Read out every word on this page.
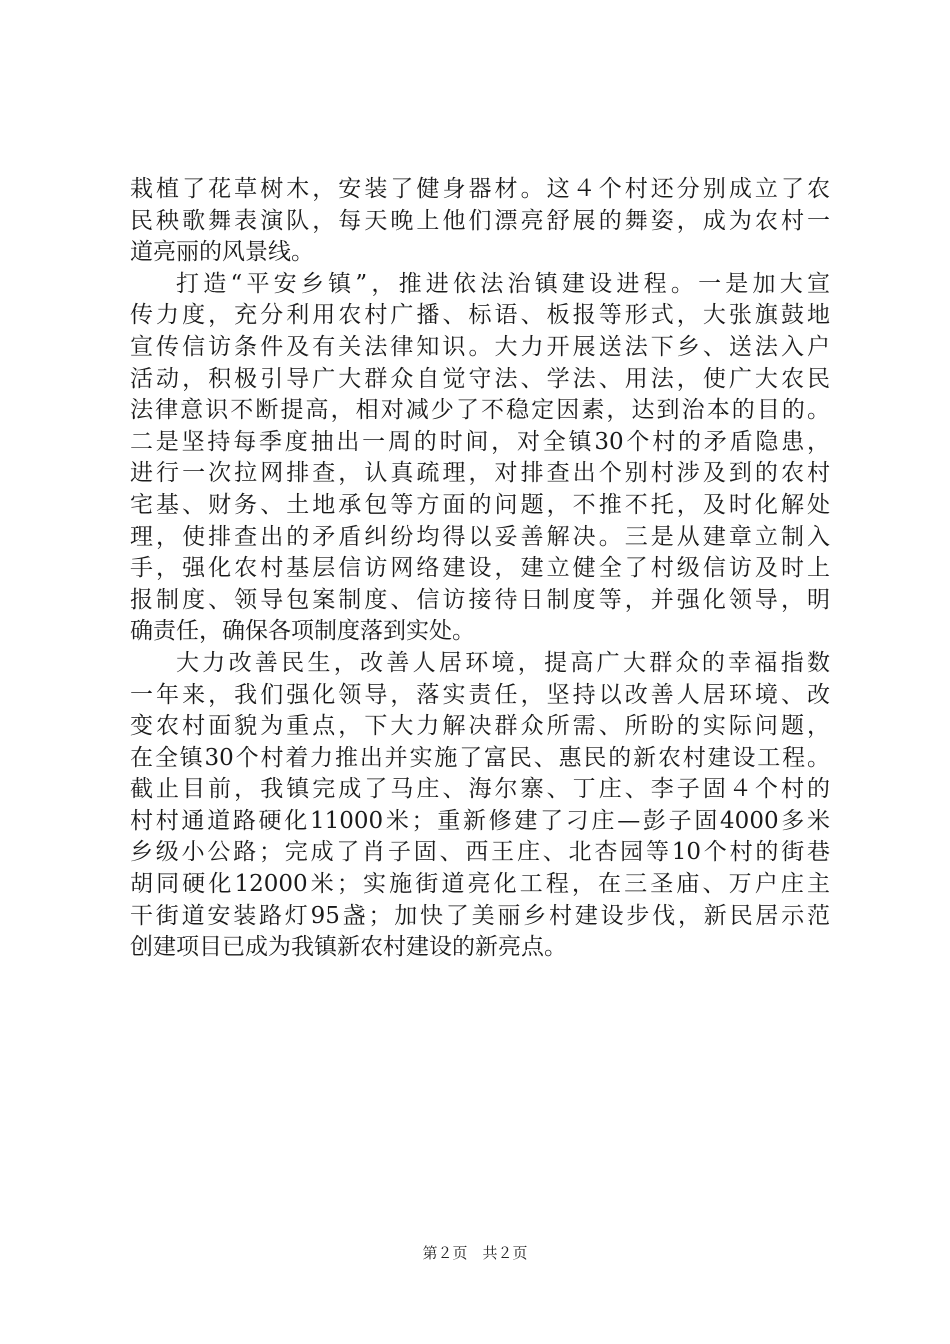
栽植了花草树木，安装了健身器材。这４个村还分别成立了农
民秧歌舞表演队，每天晚上他们漂亮舒展的舞姿，成为农村一
道亮丽的风景线。
打造“平安乡镇”，推进依法治镇建设进程。一是加大宣
传力度，充分利用农村广播、标语、板报等形式，大张旗鼓地
宣传信访条件及有关法律知识。大力开展送法下乡、送法入户
活动，积极引导广大群众自觉守法、学法、用法，使广大农民
法律意识不断提高，相对减少了不稳定因素，达到治本的目的。
二是坚持每季度抽出一周的时间，对全镇30个村的矛盾隐患，
进行一次拉网排查，认真疏理，对排查出个别村涉及到的农村
宅基、财务、土地承包等方面的问题，不推不托，及时化解处
理，使排查出的矛盾纠纷均得以妥善解决。三是从建章立制入
手，强化农村基层信访网络建设，建立健全了村级信访及时上
报制度、领导包案制度、信访接待日制度等，并强化领导，明
确责任，确保各项制度落到实处。
大力改善民生，改善人居环境，提高广大群众的幸福指数
一年来，我们强化领导，落实责任，坚持以改善人居环境、改
变农村面貌为重点，下大力解决群众所需、所盼的实际问题，
在全镇30个村着力推出并实施了富民、惠民的新农村建设工程。
截止目前，我镇完成了马庄、海尔寨、丁庄、李子固４个村的
村村通道路硬化11000米；重新修建了刁庄—彭子固4000多米
乡级小公路；完成了肖子固、西王庄、北杏园等10个村的街巷
胡同硬化12000米；实施街道亮化工程，在三圣庙、万户庄主
干街道安装路灯95盏；加快了美丽乡村建设步伐，新民居示范
创建项目已成为我镇新农村建设的新亮点。
第２页　共２页
